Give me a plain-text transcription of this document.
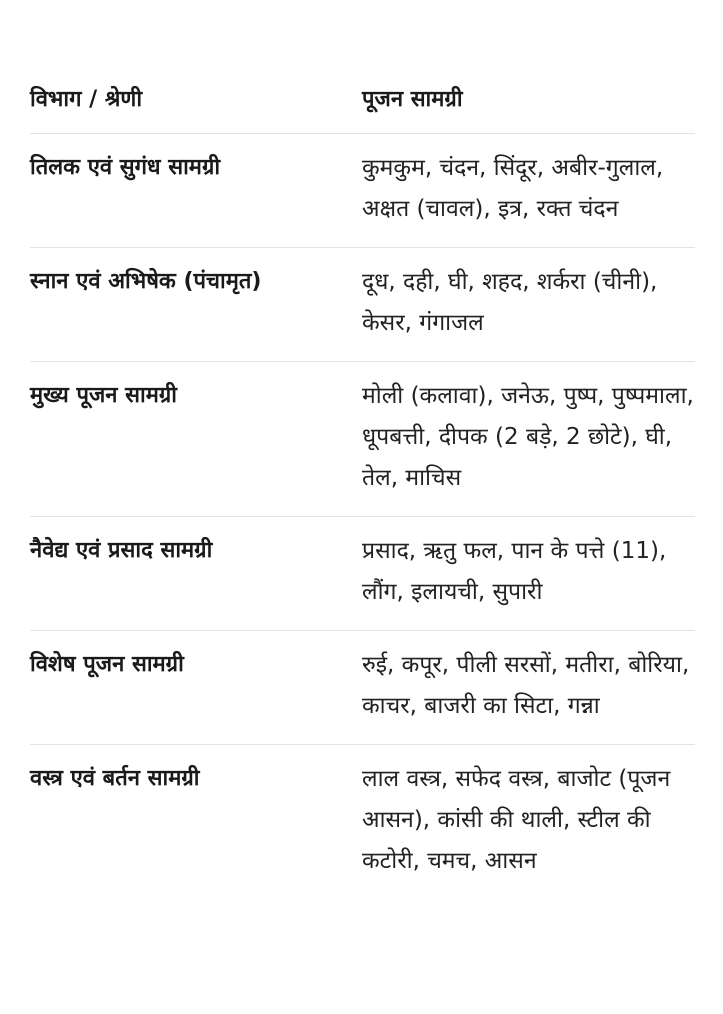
विभाग / श्रेणी	पूजन सामग्री
तिलक एवं सुगंध सामग्री	कुमकुम, चंदन, सिंदूर, अबीर-गुलाल, अक्षत (चावल), इत्र, रक्त चंदन
स्नान एवं अभिषेक (पंचामृत)	दूध, दही, घी, शहद, शर्करा (चीनी), केसर, गंगाजल
मुख्य पूजन सामग्री	मोली (कलावा), जनेऊ, पुष्प, पुष्पमाला, धूपबत्ती, दीपक (2 बड़े, 2 छोटे), घी, तेल, माचिस
नैवेद्य एवं प्रसाद सामग्री	प्रसाद, ऋतु फल, पान के पत्ते (11), लौंग, इलायची, सुपारी
विशेष पूजन सामग्री	रुई, कपूर, पीली सरसों, मतीरा, बोरिया, काचर, बाजरी का सिटा, गन्ना
वस्त्र एवं बर्तन सामग्री	लाल वस्त्र, सफेद वस्त्र, बाजोट (पूजन आसन), कांसी की थाली, स्टील की कटोरी, चमच, आसन
